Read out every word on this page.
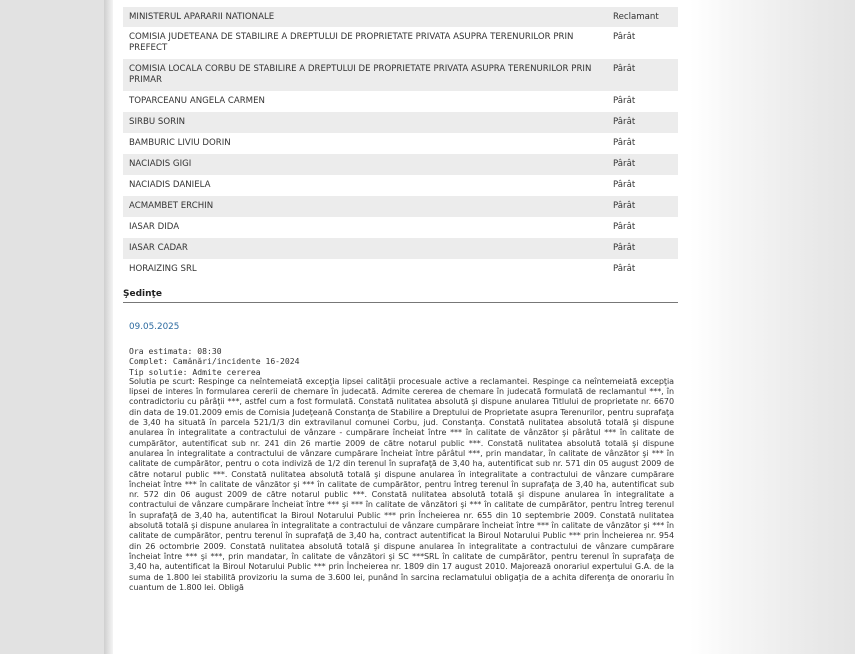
MINISTERUL APARARII NATIONALE	Reclamant
COMISIA JUDETEANA DE STABILIRE A DREPTULUI DE PROPRIETATE PRIVATA ASUPRA TERENURILOR PRIN PREFECT	Pârât
COMISIA LOCALA CORBU DE STABILIRE A DREPTULUI DE PROPRIETATE PRIVATA ASUPRA TERENURILOR PRIN PRIMAR	Pârât
TOPARCEANU ANGELA CARMEN	Pârât
SIRBU SORIN	Pârât
BAMBURIC LIVIU DORIN	Pârât
NACIADIS GIGI	Pârât
NACIADIS DANIELA	Pârât
ACMAMBET ERCHIN	Pârât
IASAR DIDA	Pârât
IASAR CADAR	Pârât
HORAIZING SRL	Pârât
Şedinţe
09.05.2025
Ora estimata: 08:30
Complet: Camănări/incidente 16-2024
Tip solutie: Admite cererea
Solutia pe scurt: Respinge ca neîntemeiată excepţia lipsei calităţii procesuale active a reclamantei. Respinge ca neîntemeiată excepţia lipsei de interes în formularea cererii de chemare în judecată. Admite cererea de chemare în judecată formulată de reclamantul ***, în contradictoriu cu pârâţii ***, astfel cum a fost formulată. Constată nulitatea absolută şi dispune anularea Titlului de proprietate nr. 6670 din data de 19.01.2009 emis de Comisia Judeţeană Constanţa de Stabilire a Dreptului de Proprietate asupra Terenurilor, pentru suprafaţa de 3,40 ha situată în parcela 521/1/3 din extravilanul comunei Corbu, jud. Constanţa. Constată nulitatea absolută totală şi dispune anularea în integralitate a contractului de vânzare - cumpărare încheiat între *** în calitate de vânzător şi pârâtul *** în calitate de cumpărător, autentificat sub nr. 241 din 26 martie 2009 de către notarul public ***. Constată nulitatea absolută totală şi dispune anularea în integralitate a contractului de vânzare cumpărare încheiat între pârâtul ***, prin mandatar, în calitate de vânzător şi *** în calitate de cumpărător, pentru o cota indiviză de 1/2 din terenul în suprafaţă de 3,40 ha, autentificat sub nr. 571 din 05 august 2009 de către notarul public ***. Constată nulitatea absolută totală şi dispune anularea în integralitate a contractului de vânzare cumpărare încheiat între *** în calitate de vânzător şi *** în calitate de cumpărător, pentru întreg terenul în suprafaţa de 3,40 ha, autentificat sub nr. 572 din 06 august 2009 de către notarul public ***. Constată nulitatea absolută totală şi dispune anularea în integralitate a contractului de vânzare cumpărare încheiat între *** şi *** în calitate de vânzători şi *** în calitate de cumpărător, pentru întreg terenul în suprafaţă de 3,40 ha, autentificat la Biroul Notarului Public *** prin Încheierea nr. 655 din 10 septembrie 2009. Constată nulitatea absolută totală şi dispune anularea în integralitate a contractului de vânzare cumpărare încheiat între *** în calitate de vânzător şi *** în calitate de cumpărător, pentru terenul în suprafaţă de 3,40 ha, contract autentificat la Biroul Notarului Public *** prin Încheierea nr. 954 din 26 octombrie 2009. Constată nulitatea absolută totală şi dispune anularea în integralitate a contractului de vânzare cumpărare încheiat între *** şi ***, prin mandatar, în calitate de vânzători şi SC ***SRL în calitate de cumpărător, pentru terenul în suprafaţa de 3,40 ha, autentificat la Biroul Notarului Public *** prin Încheierea nr. 1809 din 17 august 2010. Majorează onorariul expertului G.A. de la suma de 1.800 lei stabilită provizoriu la suma de 3.600 lei, punând în sarcina reclamatului obligaţia de a achita diferenţa de onorariu în cuantum de 1.800 lei. Obligă
